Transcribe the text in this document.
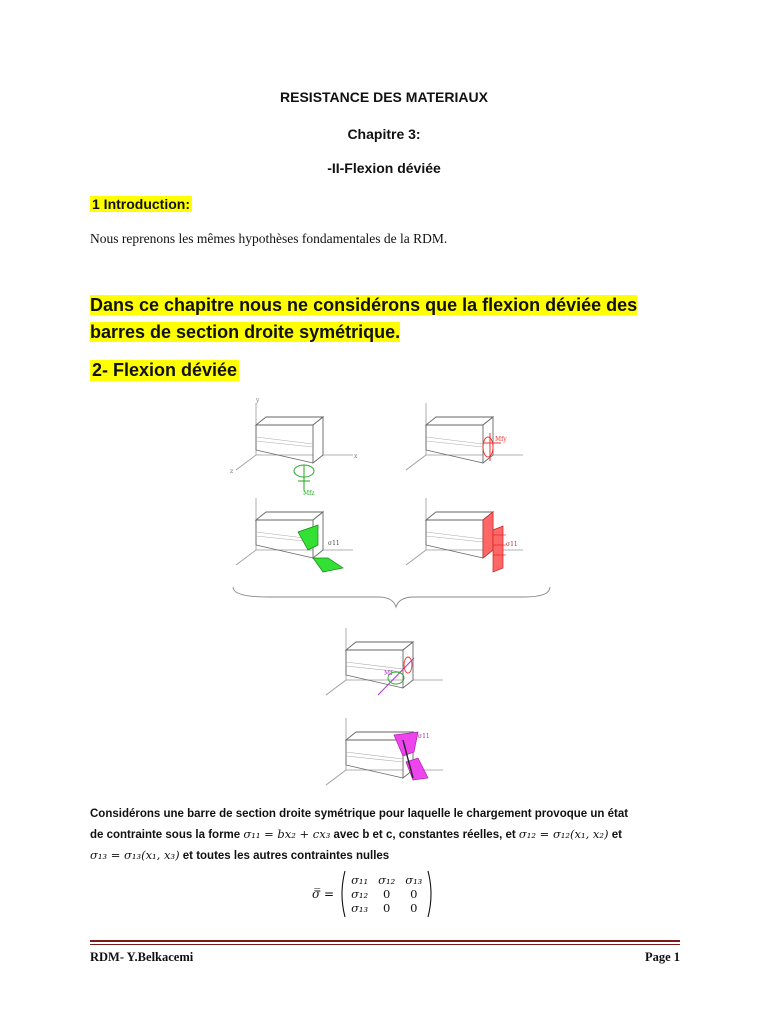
RESISTANCE DES MATERIAUX
Chapitre 3:
-II-Flexion déviée
1 Introduction:
Nous reprenons les mêmes hypothèses fondamentales de la RDM.
Dans ce chapitre nous ne considérons que la flexion déviée des
barres de section droite symétrique.
2- Flexion déviée
y
x
z
Mfz
Mfy
σ11	σ11
Mf
σ11
Considérons une barre de section droite symétrique pour laquelle le chargement provoque un état
de contrainte sous la forme σ₁₁ = bx₂ + cx₃ avec b et c, constantes réelles, et σ₁₂ = σ₁₂(x₁, x₂) et
σ₁₃ = σ₁₃(x₁, x₃) et toutes les autres contraintes nulles
σ̿ =
σ₁₁	σ₁₂	σ₁₃
σ₁₂	0	0
σ₁₃	0	0
RDM- Y.Belkacemi	Page 1
